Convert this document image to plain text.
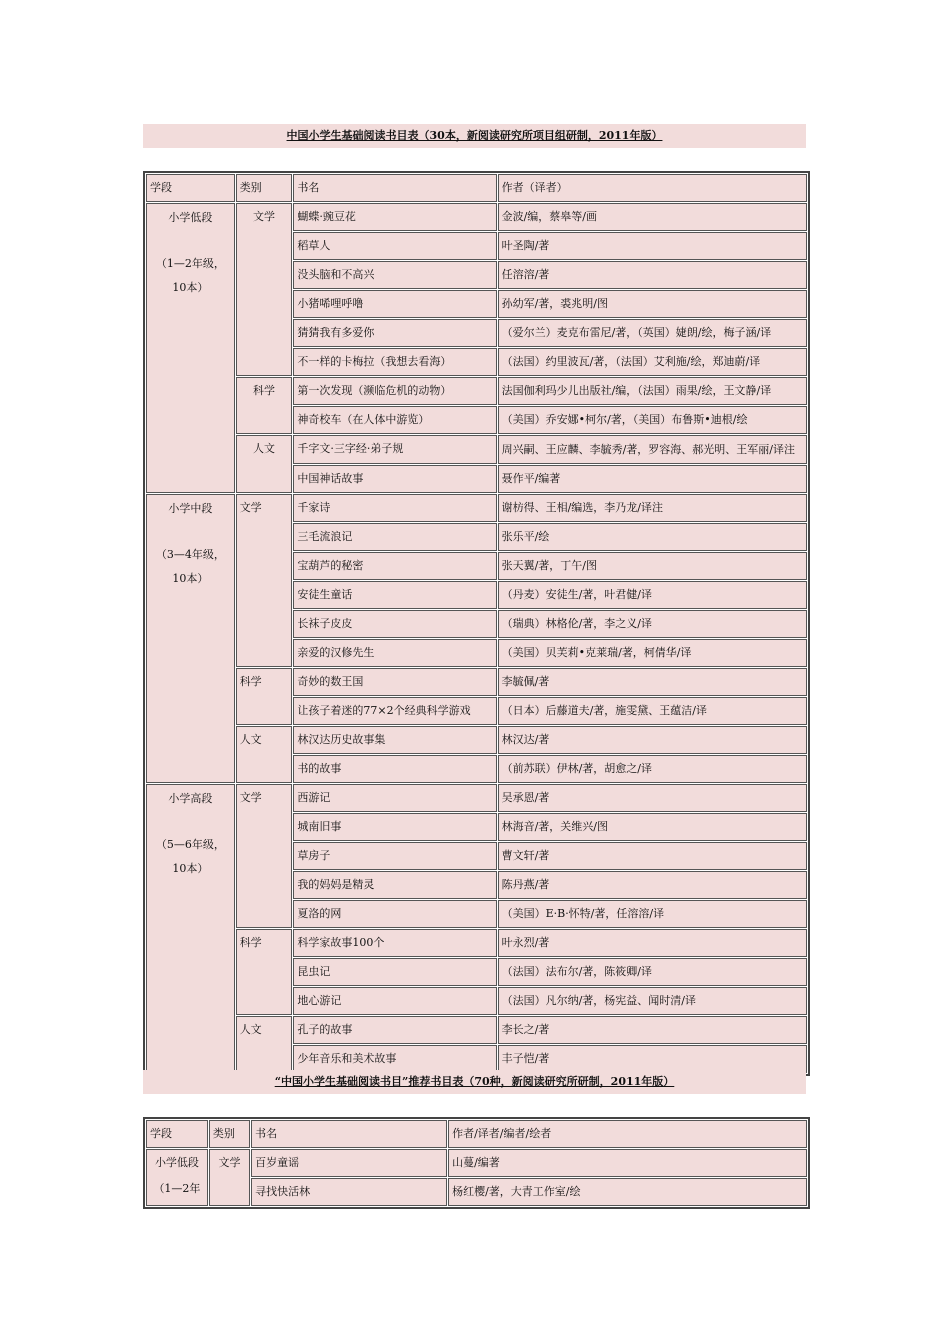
中国小学生基础阅读书目表（30本，新阅读研究所项目组研制，2011年版）
学段	类别	书名	作者（译者）
小学低段
（1—2年级，10本）	文学	蝴蝶·豌豆花	金波/编，蔡皋等/画
		稻草人	叶圣陶/著
		没头脑和不高兴	任溶溶/著
		小猪唏哩呼噜	孙幼军/著，裘兆明/图
		猜猜我有多爱你	（爱尔兰）麦克布雷尼/著，（英国）婕朗/绘，梅子涵/译
		不一样的卡梅拉（我想去看海）	（法国）约里波瓦/著，（法国）艾利施/绘，郑迪蔚/译
	科学	第一次发现（濒临危机的动物）	法国伽利玛少儿出版社/编，（法国）雨果/绘，王文静/译
		神奇校车（在人体中游览）	（美国）乔安娜•柯尔/著，（美国）布鲁斯•迪根/绘
	人文	千字文·三字经·弟子规	周兴嗣、王应麟、李毓秀/著，罗容海、郝光明、王军丽/译注
		中国神话故事	聂作平/编著
小学中段
（3—4年级，10本）	文学	千家诗	谢枋得、王相/编选，李乃龙/译注
		三毛流浪记	张乐平/绘
		宝葫芦的秘密	张天翼/著，丁午/图
		安徒生童话	（丹麦）安徒生/著，叶君健/译
		长袜子皮皮	（瑞典）林格伦/著，李之义/译
		亲爱的汉修先生	（美国）贝芙莉•克莱瑞/著，柯倩华/译
	科学	奇妙的数王国	李毓佩/著
		让孩子着迷的77×2个经典科学游戏	（日本）后藤道夫/著，施雯黛、王蕴洁/译
	人文	林汉达历史故事集	林汉达/著
		书的故事	（前苏联）伊林/著，胡愈之/译
小学高段
（5—6年级，10本）	文学	西游记	吴承恩/著
		城南旧事	林海音/著，关维兴/图
		草房子	曹文轩/著
		我的妈妈是精灵	陈丹燕/著
		夏洛的网	（美国）E·B·怀特/著，任溶溶/译
	科学	科学家故事100个	叶永烈/著
		昆虫记	（法国）法布尔/著，陈筱卿/译
		地心游记	（法国）凡尔纳/著，杨宪益、闻时清/译
	人文	孔子的故事	李长之/著
		少年音乐和美术故事	丰子恺/著
“中国小学生基础阅读书目”推荐书目表（70种，新阅读研究所研制，2011年版）
学段	类别	书名	作者/译者/编者/绘者
小学低段
（1—2年	文学	百岁童谣	山蔓/编著
		寻找快活林	杨红樱/著，大青工作室/绘
